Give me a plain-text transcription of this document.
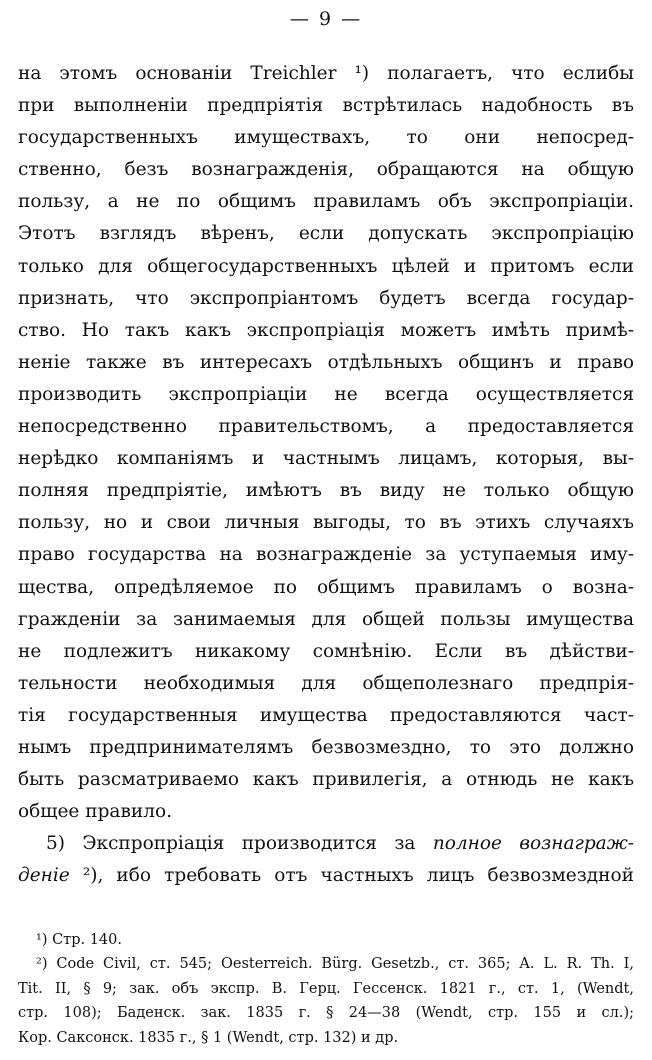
— 9 —
на этомъ основаніи Treichler ¹) полагаетъ, что еслибы
при выполненіи предпріятія встрѣтилась надобность въ
государственныхъ имуществахъ, то они непосред-
ственно, безъ вознагражденія, обращаются на общую
пользу, а не по общимъ правиламъ объ экспропріаціи.
Этотъ взглядъ вѣренъ, если допускать экспропріацію
только для общегосударственныхъ цѣлей и притомъ если
признать, что экспропріантомъ будетъ всегда государ-
ство. Но такъ какъ экспропріація можетъ имѣть примѣ-
неніе также въ интересахъ отдѣльныхъ общинъ и право
производить экспропріаціи не всегда осуществляется
непосредственно правительствомъ, а предоставляется
нерѣдко компаніямъ и частнымъ лицамъ, которыя, вы-
полняя предпріятіе, имѣютъ въ виду не только общую
пользу, но и свои личныя выгоды, то въ этихъ случаяхъ
право государства на вознагражденіе за уступаемыя иму-
щества, опредѣляемое по общимъ правиламъ о возна-
гражденіи за занимаемыя для общей пользы имущества
не подлежитъ никакому сомнѣнію. Если въ дѣйстви-
тельности необходимыя для общеполезнаго предпрія-
тія государственныя имущества предоставляются част-
нымъ предпринимателямъ безвозмездно, то это должно
быть разсматриваемо какъ привилегія, а отнюдь не какъ
общее правило.
5) Экспропріація производится за полное вознаграж-
деніе ²), ибо требовать отъ частныхъ лицъ безвозмездной
¹) Стр. 140.
²) Code Civil, ст. 545; Oesterreich. Bürg. Gesetzb., ст. 365; A. L. R. Th. I,
Tit. II, § 9; зак. объ экспр. В. Герц. Гессенск. 1821 г., ст. 1, (Wendt,
стр. 108); Баденск. зак. 1835 г. § 24—38 (Wendt, стр. 155 и сл.);
Кор. Саксонск. 1835 г., § 1 (Wendt, стр. 132) и др.
